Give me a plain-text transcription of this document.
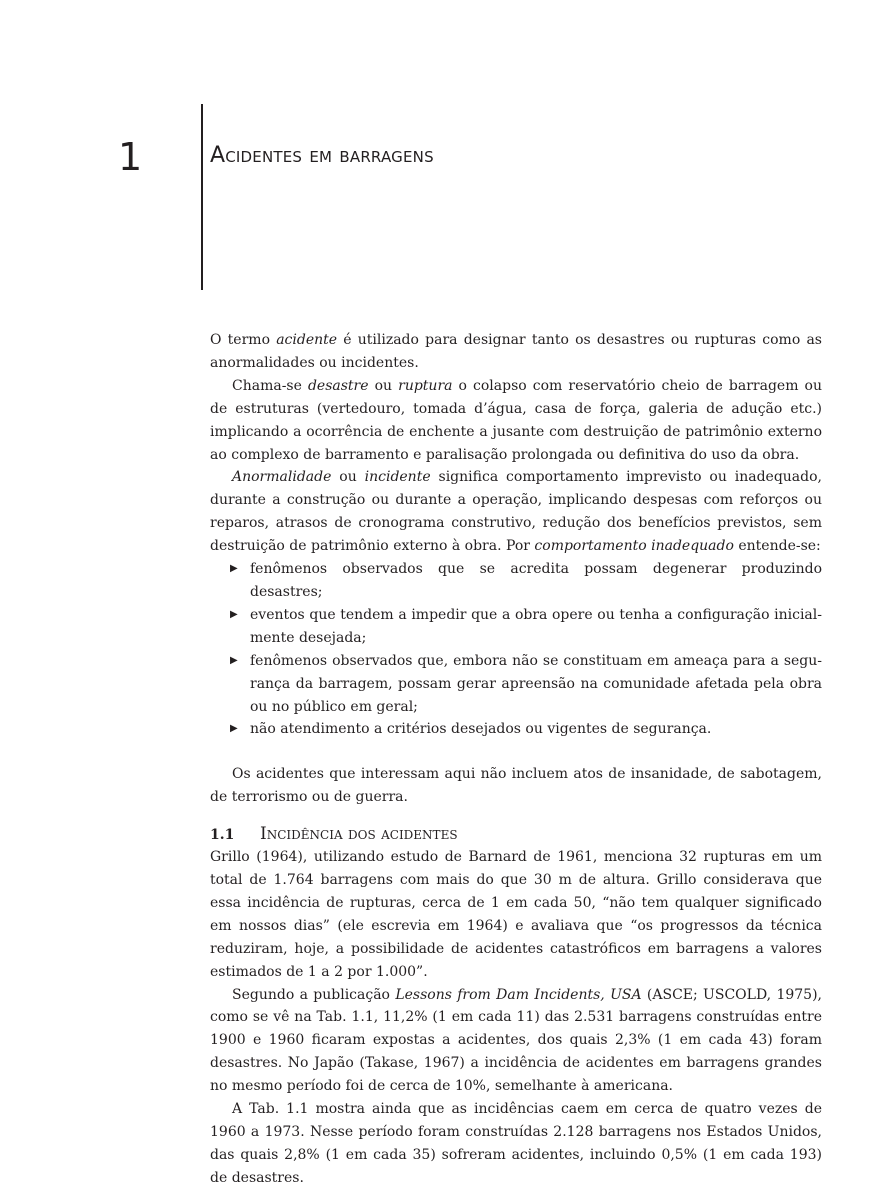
1	Acidentes em barragens

O termo acidente é utilizado para designar tanto os desastres ou rupturas como as anormalidades ou incidentes.

Chama-se desastre ou ruptura o colapso com reservatório cheio de barragem ou de estruturas (vertedouro, tomada d’água, casa de força, galeria de adução etc.) implicando a ocorrência de enchente a jusante com destruição de patrimônio externo ao complexo de barramento e paralisação prolongada ou definitiva do uso da obra.

Anormalidade ou incidente significa comportamento imprevisto ou inadequado, durante a construção ou durante a operação, implicando despesas com reforços ou reparos, atrasos de cronograma construtivo, redução dos benefícios previstos, sem destruição de patrimônio externo à obra. Por comportamento inadequado entende-se:

▶ fenômenos observados que se acredita possam degenerar produzindo desastres;
▶ eventos que tendem a impedir que a obra opere ou tenha a configuração inicialmente desejada;
▶ fenômenos observados que, embora não se constituam em ameaça para a segurança da barragem, possam gerar apreensão na comunidade afetada pela obra ou no público em geral;
▶ não atendimento a critérios desejados ou vigentes de segurança.

Os acidentes que interessam aqui não incluem atos de insanidade, de sabotagem, de terrorismo ou de guerra.

1.1	Incidência dos acidentes

Grillo (1964), utilizando estudo de Barnard de 1961, menciona 32 rupturas em um total de 1.764 barragens com mais do que 30 m de altura. Grillo considerava que essa incidência de rupturas, cerca de 1 em cada 50, “não tem qualquer significado em nossos dias” (ele escrevia em 1964) e avaliava que “os progressos da técnica reduziram, hoje, a possibilidade de acidentes catastróficos em barragens a valores estimados de 1 a 2 por 1.000”.

Segundo a publicação Lessons from Dam Incidents, USA (ASCE; USCOLD, 1975), como se vê na Tab. 1.1, 11,2% (1 em cada 11) das 2.531 barragens construídas entre 1900 e 1960 ficaram expostas a acidentes, dos quais 2,3% (1 em cada 43) foram desastres. No Japão (Takase, 1967) a incidência de acidentes em barragens grandes no mesmo período foi de cerca de 10%, semelhante à americana.

A Tab. 1.1 mostra ainda que as incidências caem em cerca de quatro vezes de 1960 a 1973. Nesse período foram construídas 2.128 barragens nos Estados Unidos, das quais 2,8% (1 em cada 35) sofreram acidentes, incluindo 0,5% (1 em cada 193) de desastres.
